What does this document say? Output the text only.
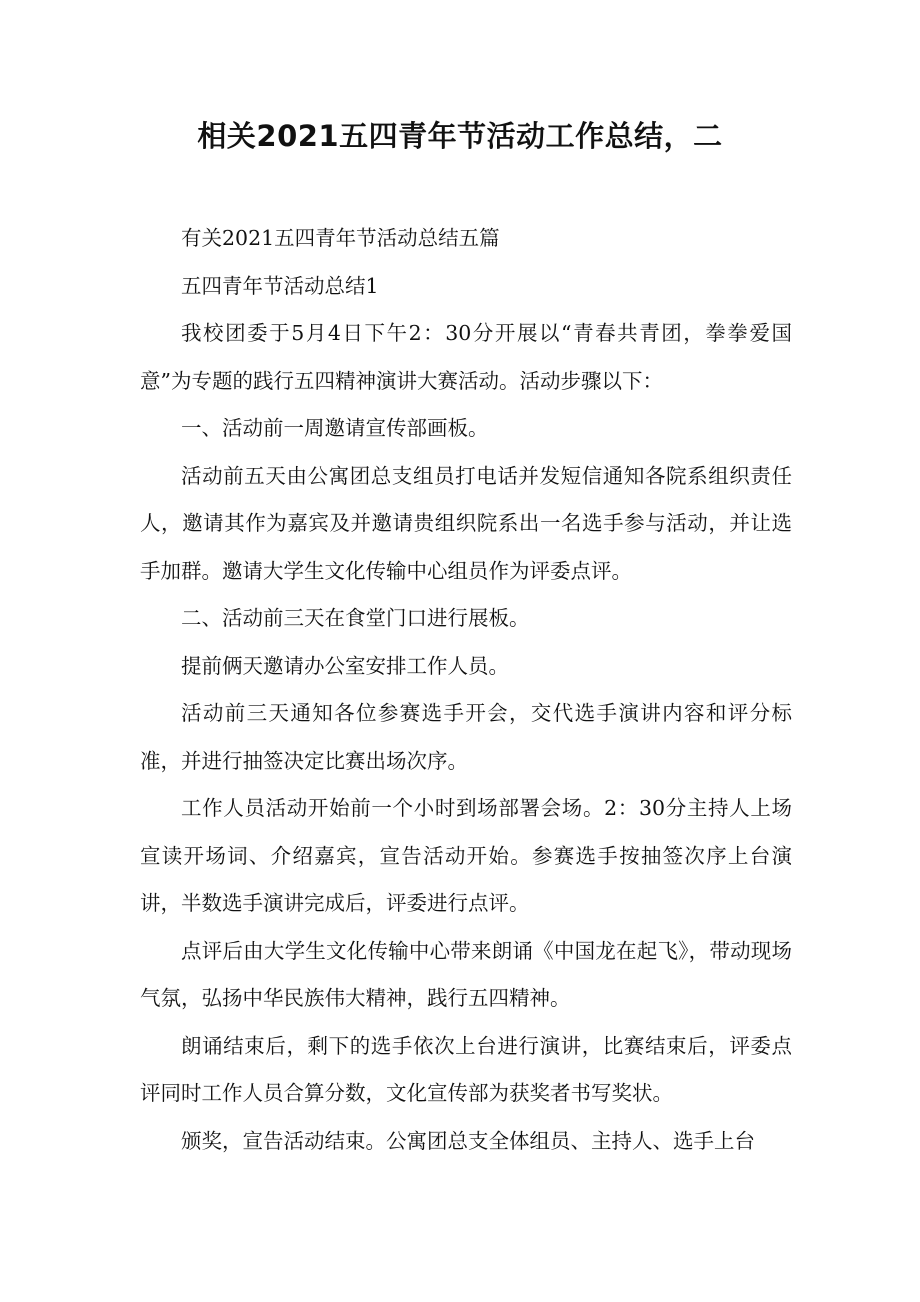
相关2021五四青年节活动工作总结，二

有关2021五四青年节活动总结五篇

五四青年节活动总结1

我校团委于5月4日下午2：30分开展以“青春共青团，拳拳爱国意”为专题的践行五四精神演讲大赛活动。活动步骤以下：

一、活动前一周邀请宣传部画板。

活动前五天由公寓团总支组员打电话并发短信通知各院系组织责任人，邀请其作为嘉宾及并邀请贵组织院系出一名选手参与活动，并让选手加群。邀请大学生文化传输中心组员作为评委点评。

二、活动前三天在食堂门口进行展板。

提前俩天邀请办公室安排工作人员。

活动前三天通知各位参赛选手开会，交代选手演讲内容和评分标准，并进行抽签决定比赛出场次序。

工作人员活动开始前一个小时到场部署会场。2：30分主持人上场宣读开场词、介绍嘉宾，宣告活动开始。参赛选手按抽签次序上台演讲，半数选手演讲完成后，评委进行点评。

点评后由大学生文化传输中心带来朗诵《中国龙在起飞》，带动现场气氛，弘扬中华民族伟大精神，践行五四精神。

朗诵结束后，剩下的选手依次上台进行演讲，比赛结束后，评委点评同时工作人员合算分数，文化宣传部为获奖者书写奖状。

颁奖，宣告活动结束。公寓团总支全体组员、主持人、选手上台
